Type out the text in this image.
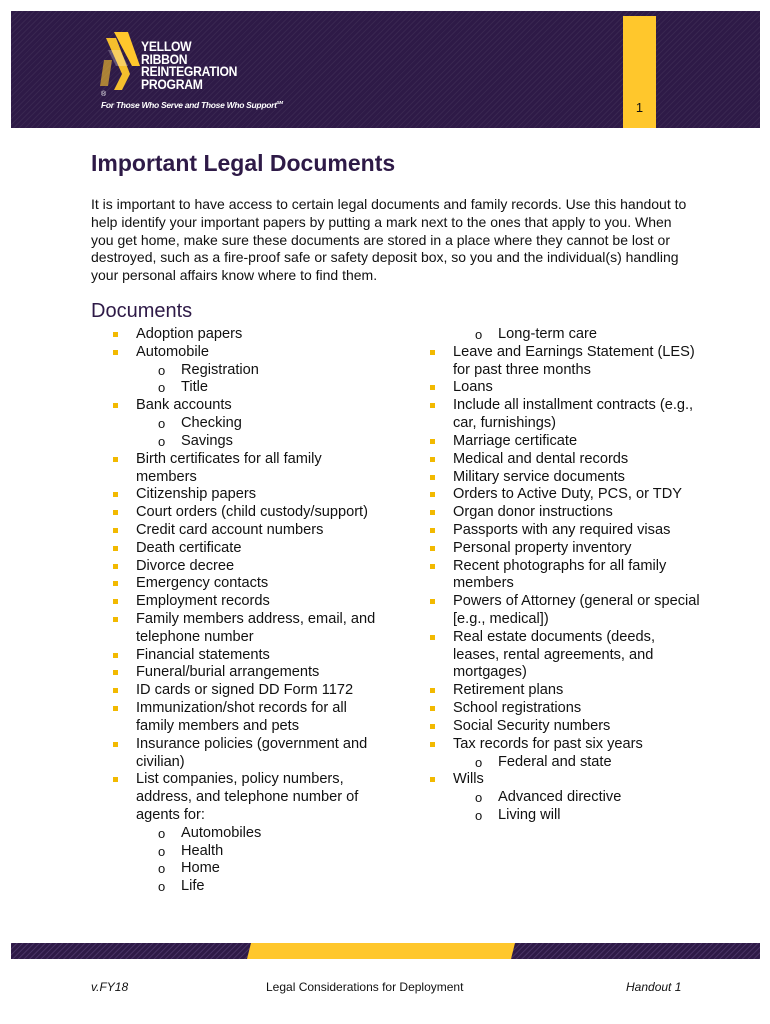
YELLOW
RIBBON
REINTEGRATION
PROGRAM
®
For Those Who Serve and Those Who Support℠	1
Important Legal Documents

It is important to have access to certain legal documents and family records. Use this handout to help identify your important papers by putting a mark next to the ones that apply to you. When you get home, make sure these documents are stored in a place where they cannot be lost or destroyed, such as a fire-proof safe or safety deposit box, so you and the individual(s) handling your personal affairs know where to find them.

Documents
Adoption papers
Automobile
o Registration
o Title
Bank accounts
o Checking
o Savings
Birth certificates for all family members
Citizenship papers
Court orders (child custody/support)
Credit card account numbers
Death certificate
Divorce decree
Emergency contacts
Employment records
Family members address, email, and telephone number
Financial statements
Funeral/burial arrangements
ID cards or signed DD Form 1172
Immunization/shot records for all family members and pets
Insurance policies (government and civilian)
List companies, policy numbers, address, and telephone number of agents for:
o Automobiles
o Health
o Home
o Life
o Long-term care
Leave and Earnings Statement (LES) for past three months
Loans
Include all installment contracts (e.g., car, furnishings)
Marriage certificate
Medical and dental records
Military service documents
Orders to Active Duty, PCS, or TDY
Organ donor instructions
Passports with any required visas
Personal property inventory
Recent photographs for all family members
Powers of Attorney (general or special [e.g., medical])
Real estate documents (deeds, leases, rental agreements, and mortgages)
Retirement plans
School registrations
Social Security numbers
Tax records for past six years
o Federal and state
Wills
o Advanced directive
o Living will
v.FY18	Legal Considerations for Deployment	Handout 1
